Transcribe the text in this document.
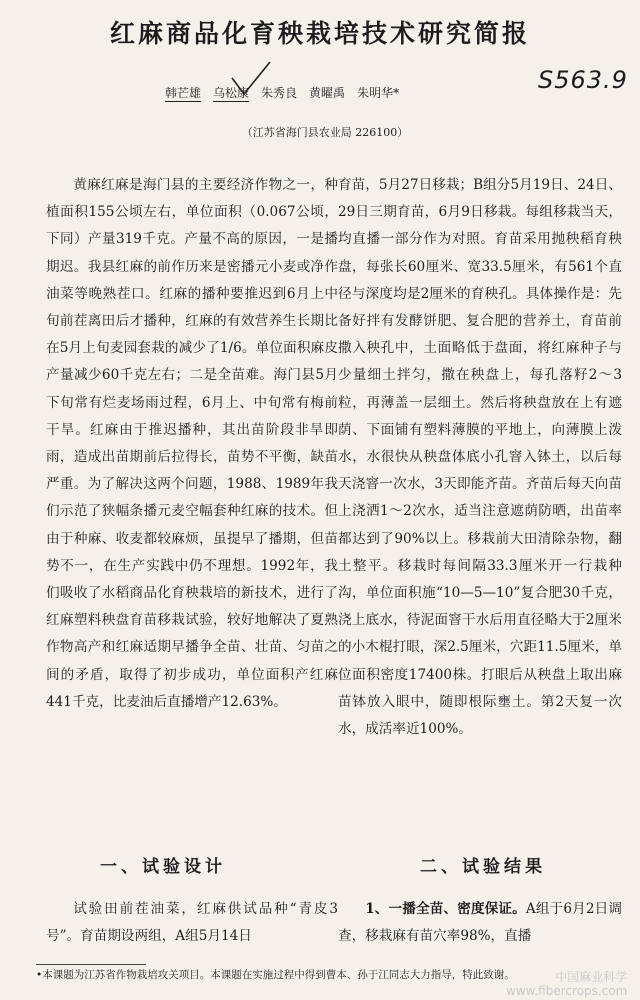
红麻商品化育秧栽培技术研究简报
S563.9
韩芒雄 乌松康 朱秀良 黄曜禹 朱明华*
（江苏省海门县农业局 226100）

黄麻红麻是海门县的主要经济作物之一，种植面积155公顷左右，单位面积（0.067公顷，下同）产量319千克。产量不高的原因，一是播期迟。我县红麻的前作历来是密播元小麦或净作油菜等晚熟茬口。红麻的播种要推迟到6月上中旬前茬离田后才播种，红麻的有效营养生长期比在5月上旬麦园套栽的减少了1/6。单位面积麻皮产量减少60千克左右；二是全苗难。海门县5月下旬常有烂麦场雨过程，6月上、中旬常有梅前干旱。红麻由于推迟播种，其出苗阶段非旱即雨，造成出苗期前后拉得长，苗势不平衡，缺苗严重。为了解决这两个问题，1988、1989年我们示范了狭幅条播元麦空幅套种红麻的技术。但由于种麻、收麦都较麻烦，虽提早了播期，但苗势不一，在生产实践中仍不理想。1992年，我们吸收了水稻商品化育秧栽培的新技术，进行了红麻塑料秧盘育苗移栽试验，较好地解决了夏熟作物高产和红麻适期早播争全苗、壮苗、匀苗之间的矛盾，取得了初步成功，单位面积产红麻441千克，比麦油后直播增产12.63%。

育苗，5月27日移栽；B组分5月19日、24日、29日三期育苗，6月9日移栽。每组移栽当天，均直播一部分作为对照。育苗采用抛秧稻育秧盘，每张长60厘米、宽33.5厘米，有561个直径与深度均是2厘米的育秧孔。具体操作是：先备好拌有发酵饼肥、复合肥的营养土，育苗前撒入秧孔中，土面略低于盘面，将红麻种子与少量细土拌匀，撒在秧盘上，每孔落籽2～3粒，再薄盖一层细土。然后将秧盘放在上有遮荫、下面铺有塑料薄膜的平地上，向薄膜上泼水，水很快从秧盘体底小孔窨入钵土，以后每天浇窨一次水，3天即能齐苗。齐苗后每天向苗上浇洒1～2次水，适当注意遮荫防晒，出苗率都达到了90%以上。移栽前大田清除杂物，翻土整平。移栽时每间隔33.3厘米开一行栽种沟，单位面积施“10—5—10”复合肥30千克，浇上底水，待泥面窨干水后用直径略大于2厘米的小木棍打眼，深2.5厘米，穴距11.5厘米，单位面积密度17400株。打眼后从秧盘上取出麻苗钵放入眼中，随即根际壅土。第2天复一次水，成活率近100%。

一、试验设计	二、试验结果

试验田前茬油菜，红麻供试品种“青皮3号”。育苗期设两组，A组5月14日

1、一播全苗、密度保证。A组于6月2日调查，移栽麻有苗穴率98%，直播

•本课题为江苏省作物栽培攻关项目。本课题在实施过程中得到曹本、孙于江同志大力指导，特此致谢。	中国麻业科学
www.fibercrops.com
